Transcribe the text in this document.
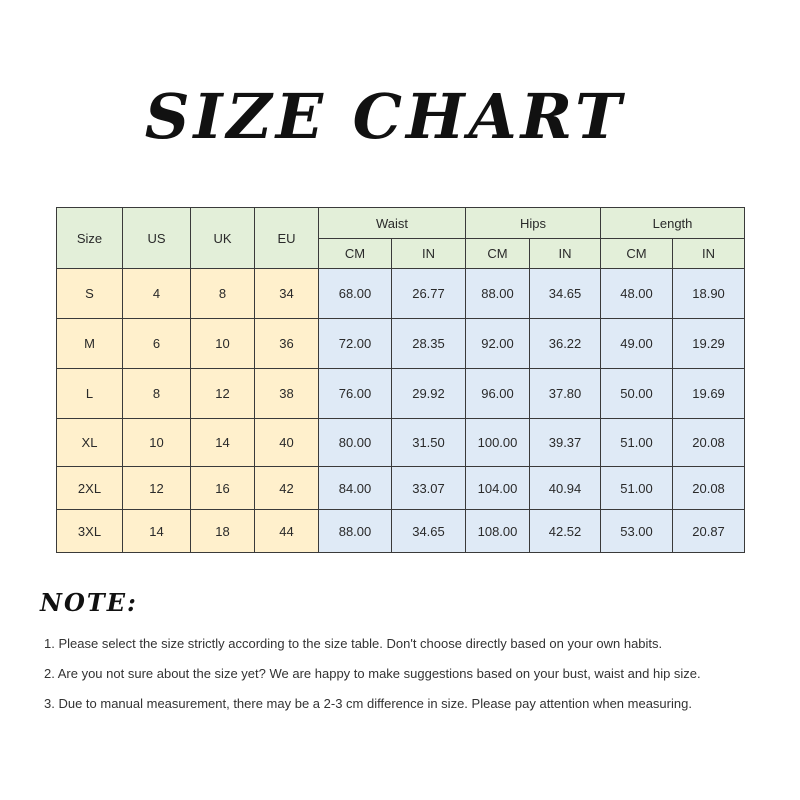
SIZE CHART
Size	US	UK	EU	Waist		Hips		Length	
				CM	IN	CM	IN	CM	IN
S	4	8	34	68.00	26.77	88.00	34.65	48.00	18.90
M	6	10	36	72.00	28.35	92.00	36.22	49.00	19.29
L	8	12	38	76.00	29.92	96.00	37.80	50.00	19.69
XL	10	14	40	80.00	31.50	100.00	39.37	51.00	20.08
2XL	12	16	42	84.00	33.07	104.00	40.94	51.00	20.08
3XL	14	18	44	88.00	34.65	108.00	42.52	53.00	20.87
NOTE:
1. Please select the size strictly according to the size table. Don't choose directly based on your own habits.
2. Are you not sure about the size yet? We are happy to make suggestions based on your bust, waist and hip size.
3. Due to manual measurement, there may be a 2-3 cm difference in size. Please pay attention when measuring.
